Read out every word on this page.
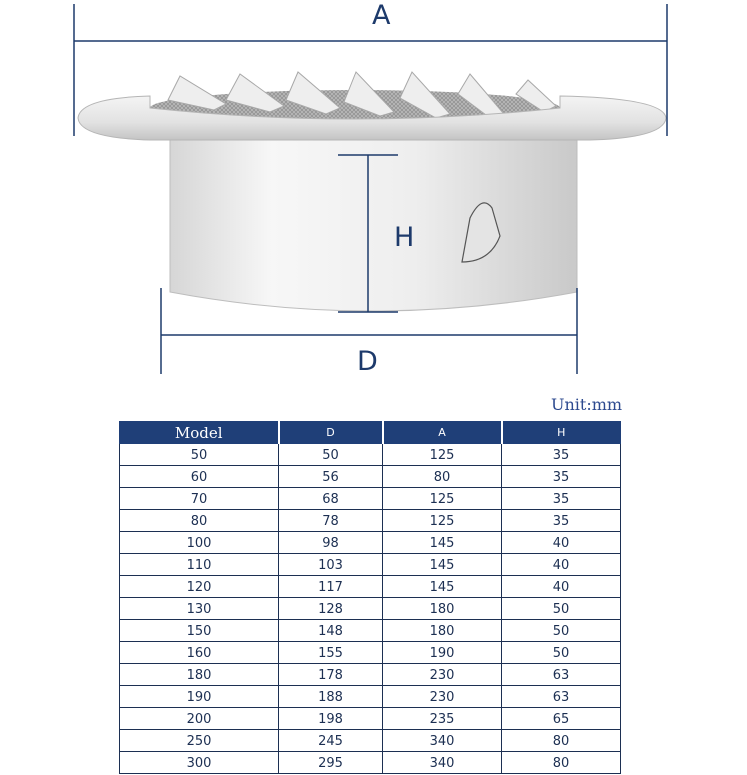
A
H
D
Unit:mm
Model	D	A	H
50	50	125	35
60	56	80	35
70	68	125	35
80	78	125	35
100	98	145	40
110	103	145	40
120	117	145	40
130	128	180	50
150	148	180	50
160	155	190	50
180	178	230	63
190	188	230	63
200	198	235	65
250	245	340	80
300	295	340	80
